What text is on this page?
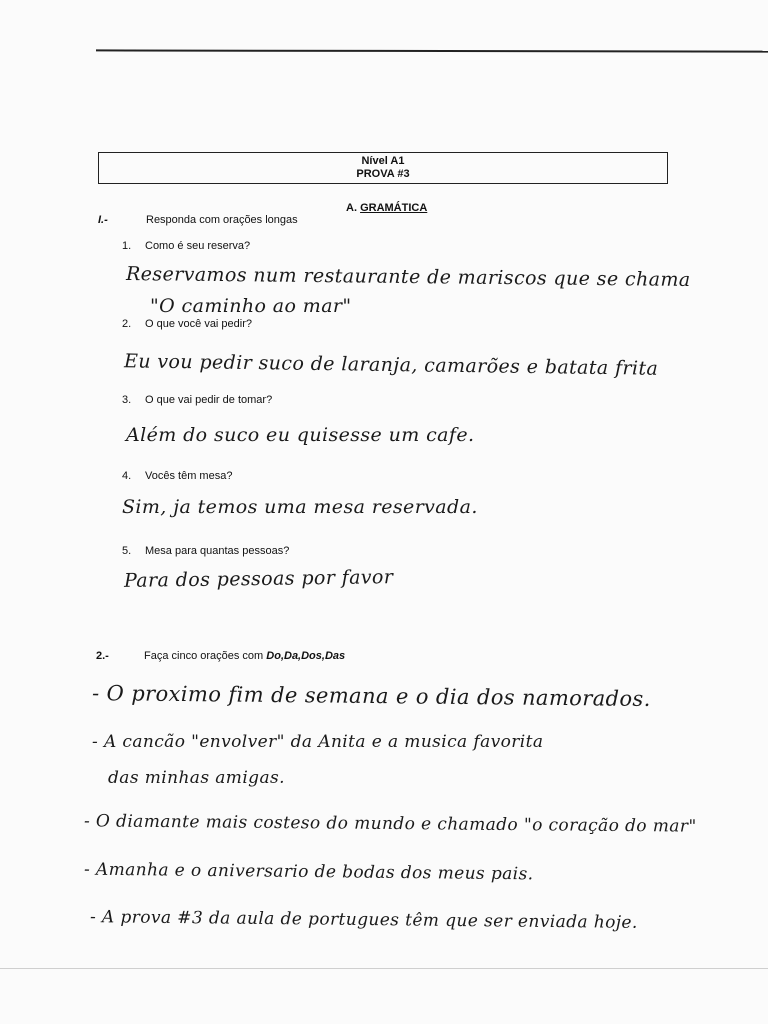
Nível A1
PROVA #3
A. GRAMÁTICA
I.-	Responda com orações longas
1. Como é seu reserva?
Reservamos num restaurante de mariscos que se chama
"O caminho ao mar"
2. O que você vai pedir?
Eu vou pedir suco de laranja, camarões e batata frita
3. O que vai pedir de tomar?
Além do suco eu quisesse um cafe.
4. Vocês têm mesa?
Sim, ja temos uma mesa reservada.
5. Mesa para quantas pessoas?
Para dos pessoas por favor
2.-	Faça cinco orações com Do,Da,Dos,Das
- O proximo fim de semana e o dia dos namorados.
- A cancão "envolver" da Anita e a musica favorita
das minhas amigas.
- O diamante mais costeso do mundo e chamado "o coração do mar"
- Amanha e o aniversario de bodas dos meus pais.
- A prova #3 da aula de portugues têm que ser enviada hoje.
